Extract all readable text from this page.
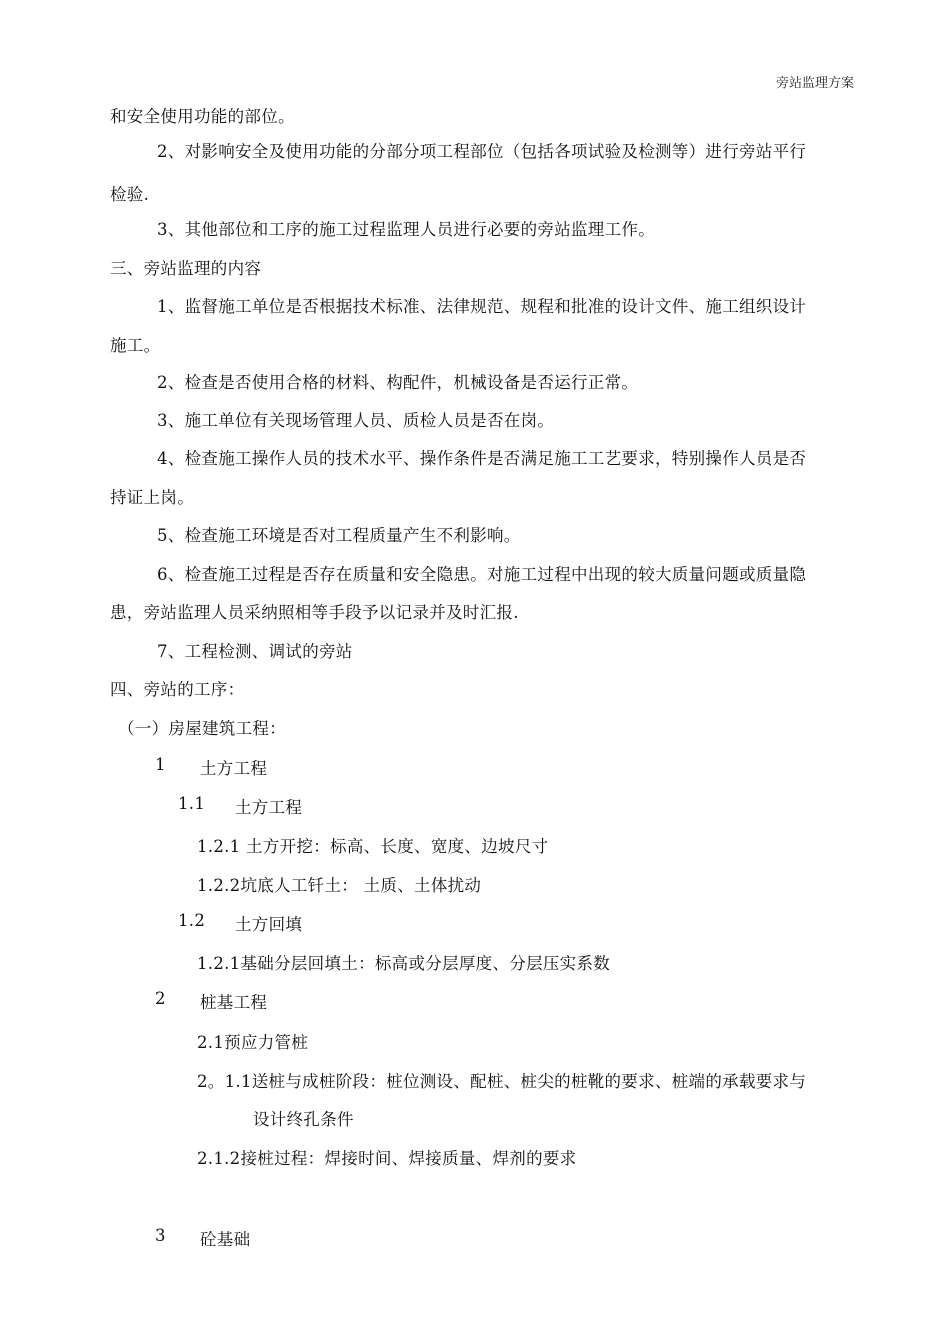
旁站监理方案
和安全使用功能的部位。
2、对影响安全及使用功能的分部分项工程部位（包括各项试验及检测等）进行旁站平行
检验.
3、其他部位和工序的施工过程监理人员进行必要的旁站监理工作。
三、旁站监理的内容
1、监督施工单位是否根据技术标准、法律规范、规程和批准的设计文件、施工组织设计
施工。
2、检查是否使用合格的材料、构配件，机械设备是否运行正常。
3、施工单位有关现场管理人员、质检人员是否在岗。
4、检查施工操作人员的技术水平、操作条件是否满足施工工艺要求，特别操作人员是否
持证上岗。
5、检查施工环境是否对工程质量产生不利影响。
6、检查施工过程是否存在质量和安全隐患。对施工过程中出现的较大质量问题或质量隐
患，旁站监理人员采纳照相等手段予以记录并及时汇报.
7、工程检测、调试的旁站
四、旁站的工序：
（一）房屋建筑工程：
1 土方工程
1.1 土方工程
1.2.1 土方开挖：标高、长度、宽度、边坡尺寸
1.2.2坑底人工钎土： 土质、土体扰动
1.2 土方回填
1.2.1基础分层回填土：标高或分层厚度、分层压实系数
2 桩基工程
2.1预应力管桩
2。1.1送桩与成桩阶段：桩位测设、配桩、桩尖的桩靴的要求、桩端的承载要求与
设计终孔条件
2.1.2接桩过程：焊接时间、焊接质量、焊剂的要求
3 砼基础
